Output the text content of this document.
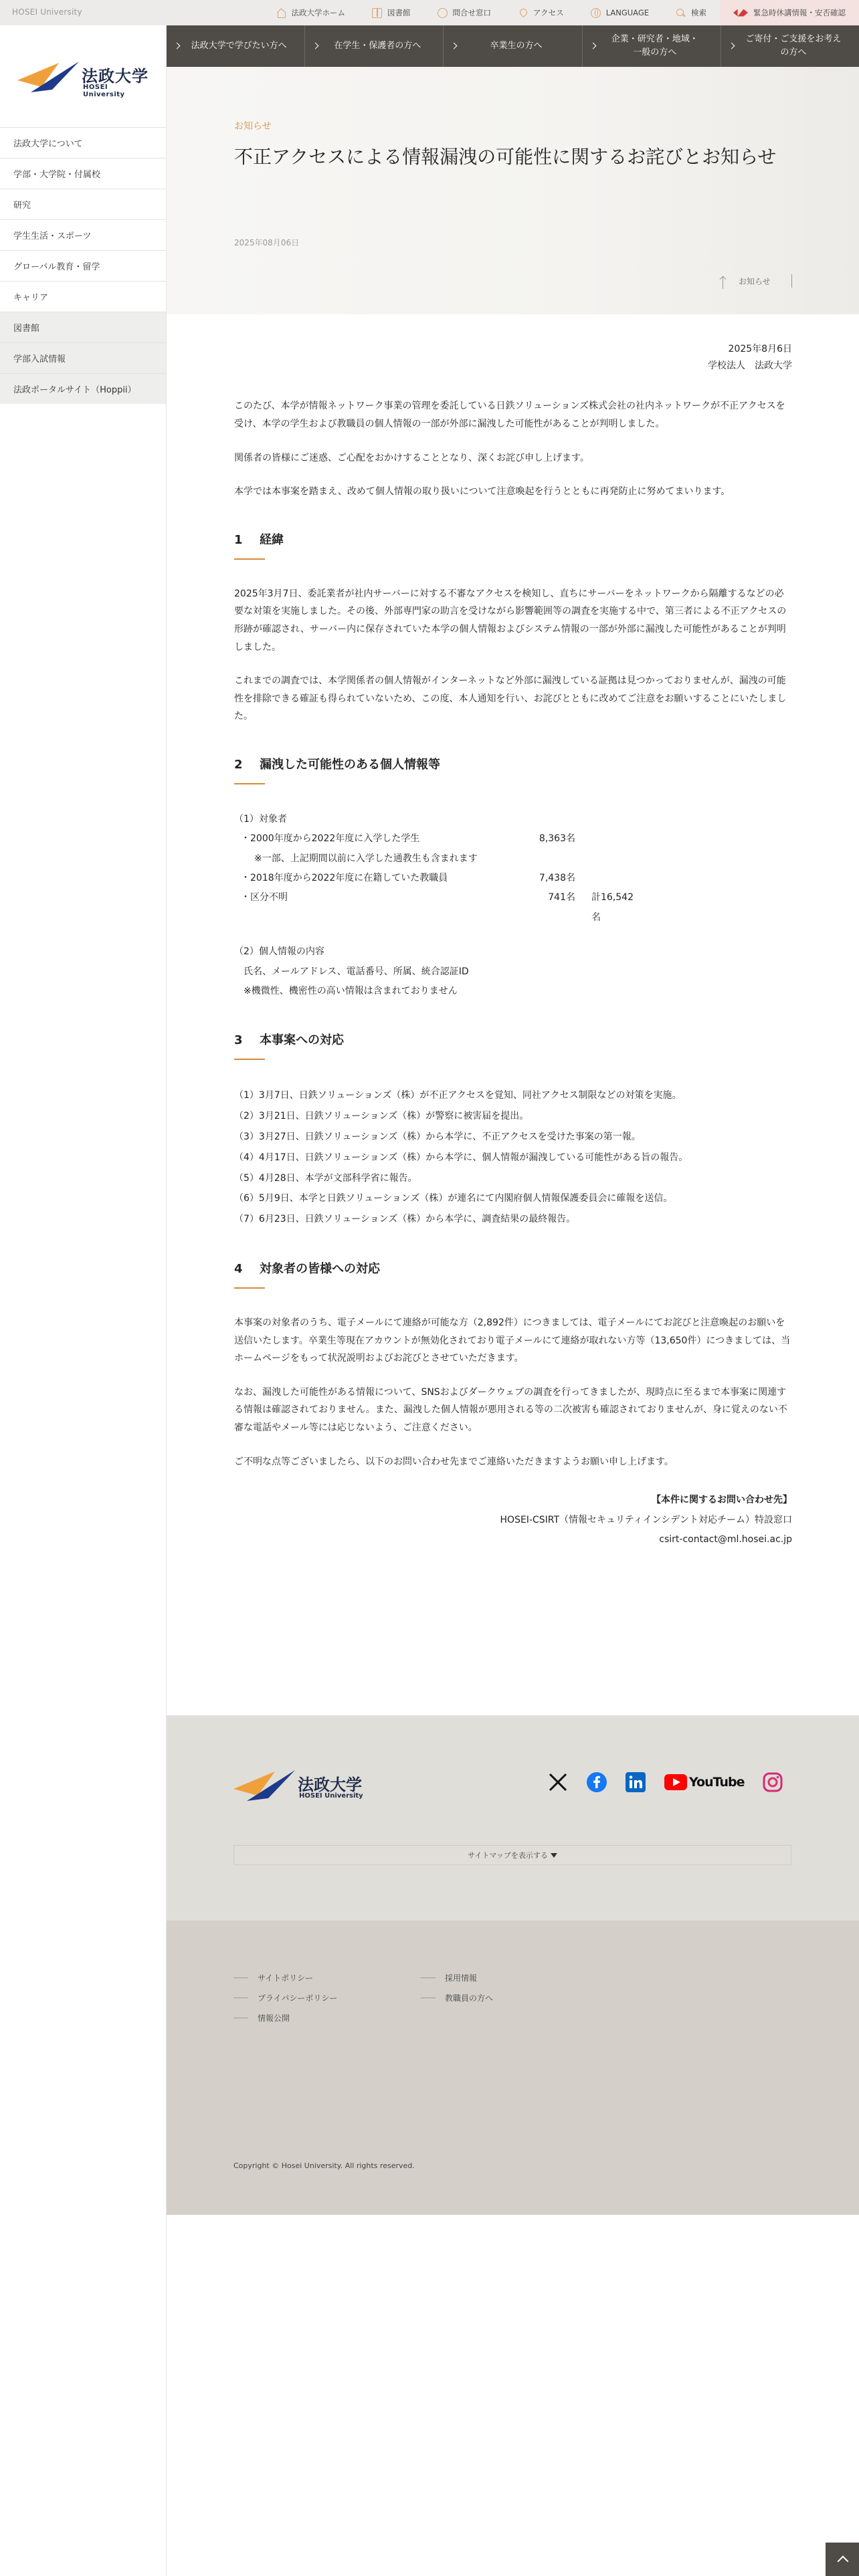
HOSEI University	法政大学ホーム	図書館	問合せ窓口	アクセス	LANGUAGE	検索	緊急時休講情報・安否確認
法政大学
HOSEI University
法政大学について
学部・大学院・付属校
研究
学生生活・スポーツ
グローバル教育・留学
キャリア
図書館
学部入試情報
法政ポータルサイト（Hoppii）
法政大学で学びたい方へ	在学生・保護者の方へ	卒業生の方へ
企業・研究者・地域・
一般の方へ
ご寄付・ご支援をお考え
の方へ
お知らせ
不正アクセスによる情報漏洩の可能性に関するお詫びとお知らせ
2025年08月06日
お知らせ
2025年8月6日
学校法人　法政大学

このたび、本学が情報ネットワーク事業の管理を委託している日鉄ソリューションズ株式会社の社内ネットワークが不正アクセスを受け、本学の学生および教職員の個人情報の一部が外部に漏洩した可能性があることが判明しました。

関係者の皆様にご迷惑、ご心配をおかけすることとなり、深くお詫び申し上げます。

本学では本事案を踏まえ、改めて個人情報の取り扱いについて注意喚起を行うとともに再発防止に努めてまいります。

1 経緯

2025年3月7日、委託業者が社内サーバーに対する不審なアクセスを検知し、直ちにサーバーをネットワークから隔離するなどの必要な対策を実施しました。その後、外部専門家の助言を受けながら影響範囲等の調査を実施する中で、第三者による不正アクセスの形跡が確認され、サーバー内に保存されていた本学の個人情報およびシステム情報の一部が外部に漏洩した可能性があることが判明しました。

これまでの調査では、本学関係者の個人情報がインターネットなど外部に漏洩している証拠は見つかっておりませんが、漏洩の可能性を排除できる確証も得られていないため、この度、本人通知を行い、お詫びとともに改めてご注意をお願いすることにいたしました。

2 漏洩した可能性のある個人情報等
（1）対象者
・2000年度から2022年度に入学した学生	8,363名
※一部、上記期間以前に入学した通教生も含まれます
・2018年度から2022年度に在籍していた教職員	7,438名
・区分不明	741名	計16,542名
（2）個人情報の内容
氏名、メールアドレス、電話番号、所属、統合認証ID
※機微性、機密性の高い情報は含まれておりません
3 本事案への対応
（1）3月7日、日鉄ソリューションズ（株）が不正アクセスを覚知、同社アクセス制限などの対策を実施。
（2）3月21日、日鉄ソリューションズ（株）が警察に被害届を提出。
（3）3月27日、日鉄ソリューションズ（株）から本学に、不正アクセスを受けた事案の第一報。
（4）4月17日、日鉄ソリューションズ（株）から本学に、個人情報が漏洩している可能性がある旨の報告。
（5）4月28日、本学が文部科学省に報告。
（6）5月9日、本学と日鉄ソリューションズ（株）が連名にて内閣府個人情報保護委員会に確報を送信。
（7）6月23日、日鉄ソリューションズ（株）から本学に、調査結果の最終報告。
4 対象者の皆様への対応

本事案の対象者のうち、電子メールにて連絡が可能な方（2,892件）につきましては、電子メールにてお詫びと注意喚起のお願いを送信いたします。卒業生等現在アカウントが無効化されており電子メールにて連絡が取れない方等（13,650件）につきましては、当ホームページをもって状況説明およびお詫びとさせていただきます。

なお、漏洩した可能性がある情報について、SNSおよびダークウェブの調査を行ってきましたが、現時点に至るまで本事案に関連する情報は確認されておりません。また、漏洩した個人情報が悪用される等の二次被害も確認されておりませんが、身に覚えのない不審な電話やメール等には応じないよう、ご注意ください。

ご不明な点等ございましたら、以下のお問い合わせ先までご連絡いただきますようお願い申し上げます。

【本件に関するお問い合わせ先】
HOSEI-CSIRT（情報セキュリティインシデント対応チーム）特設窓口
csirt-contact@ml.hosei.ac.jp
法政大学
HOSEI University
YouTube
サイトマップを表示する
サイトポリシー
プライバシーポリシー
情報公開
採用情報
教職員の方へ
Copyright © Hosei University. All rights reserved.
